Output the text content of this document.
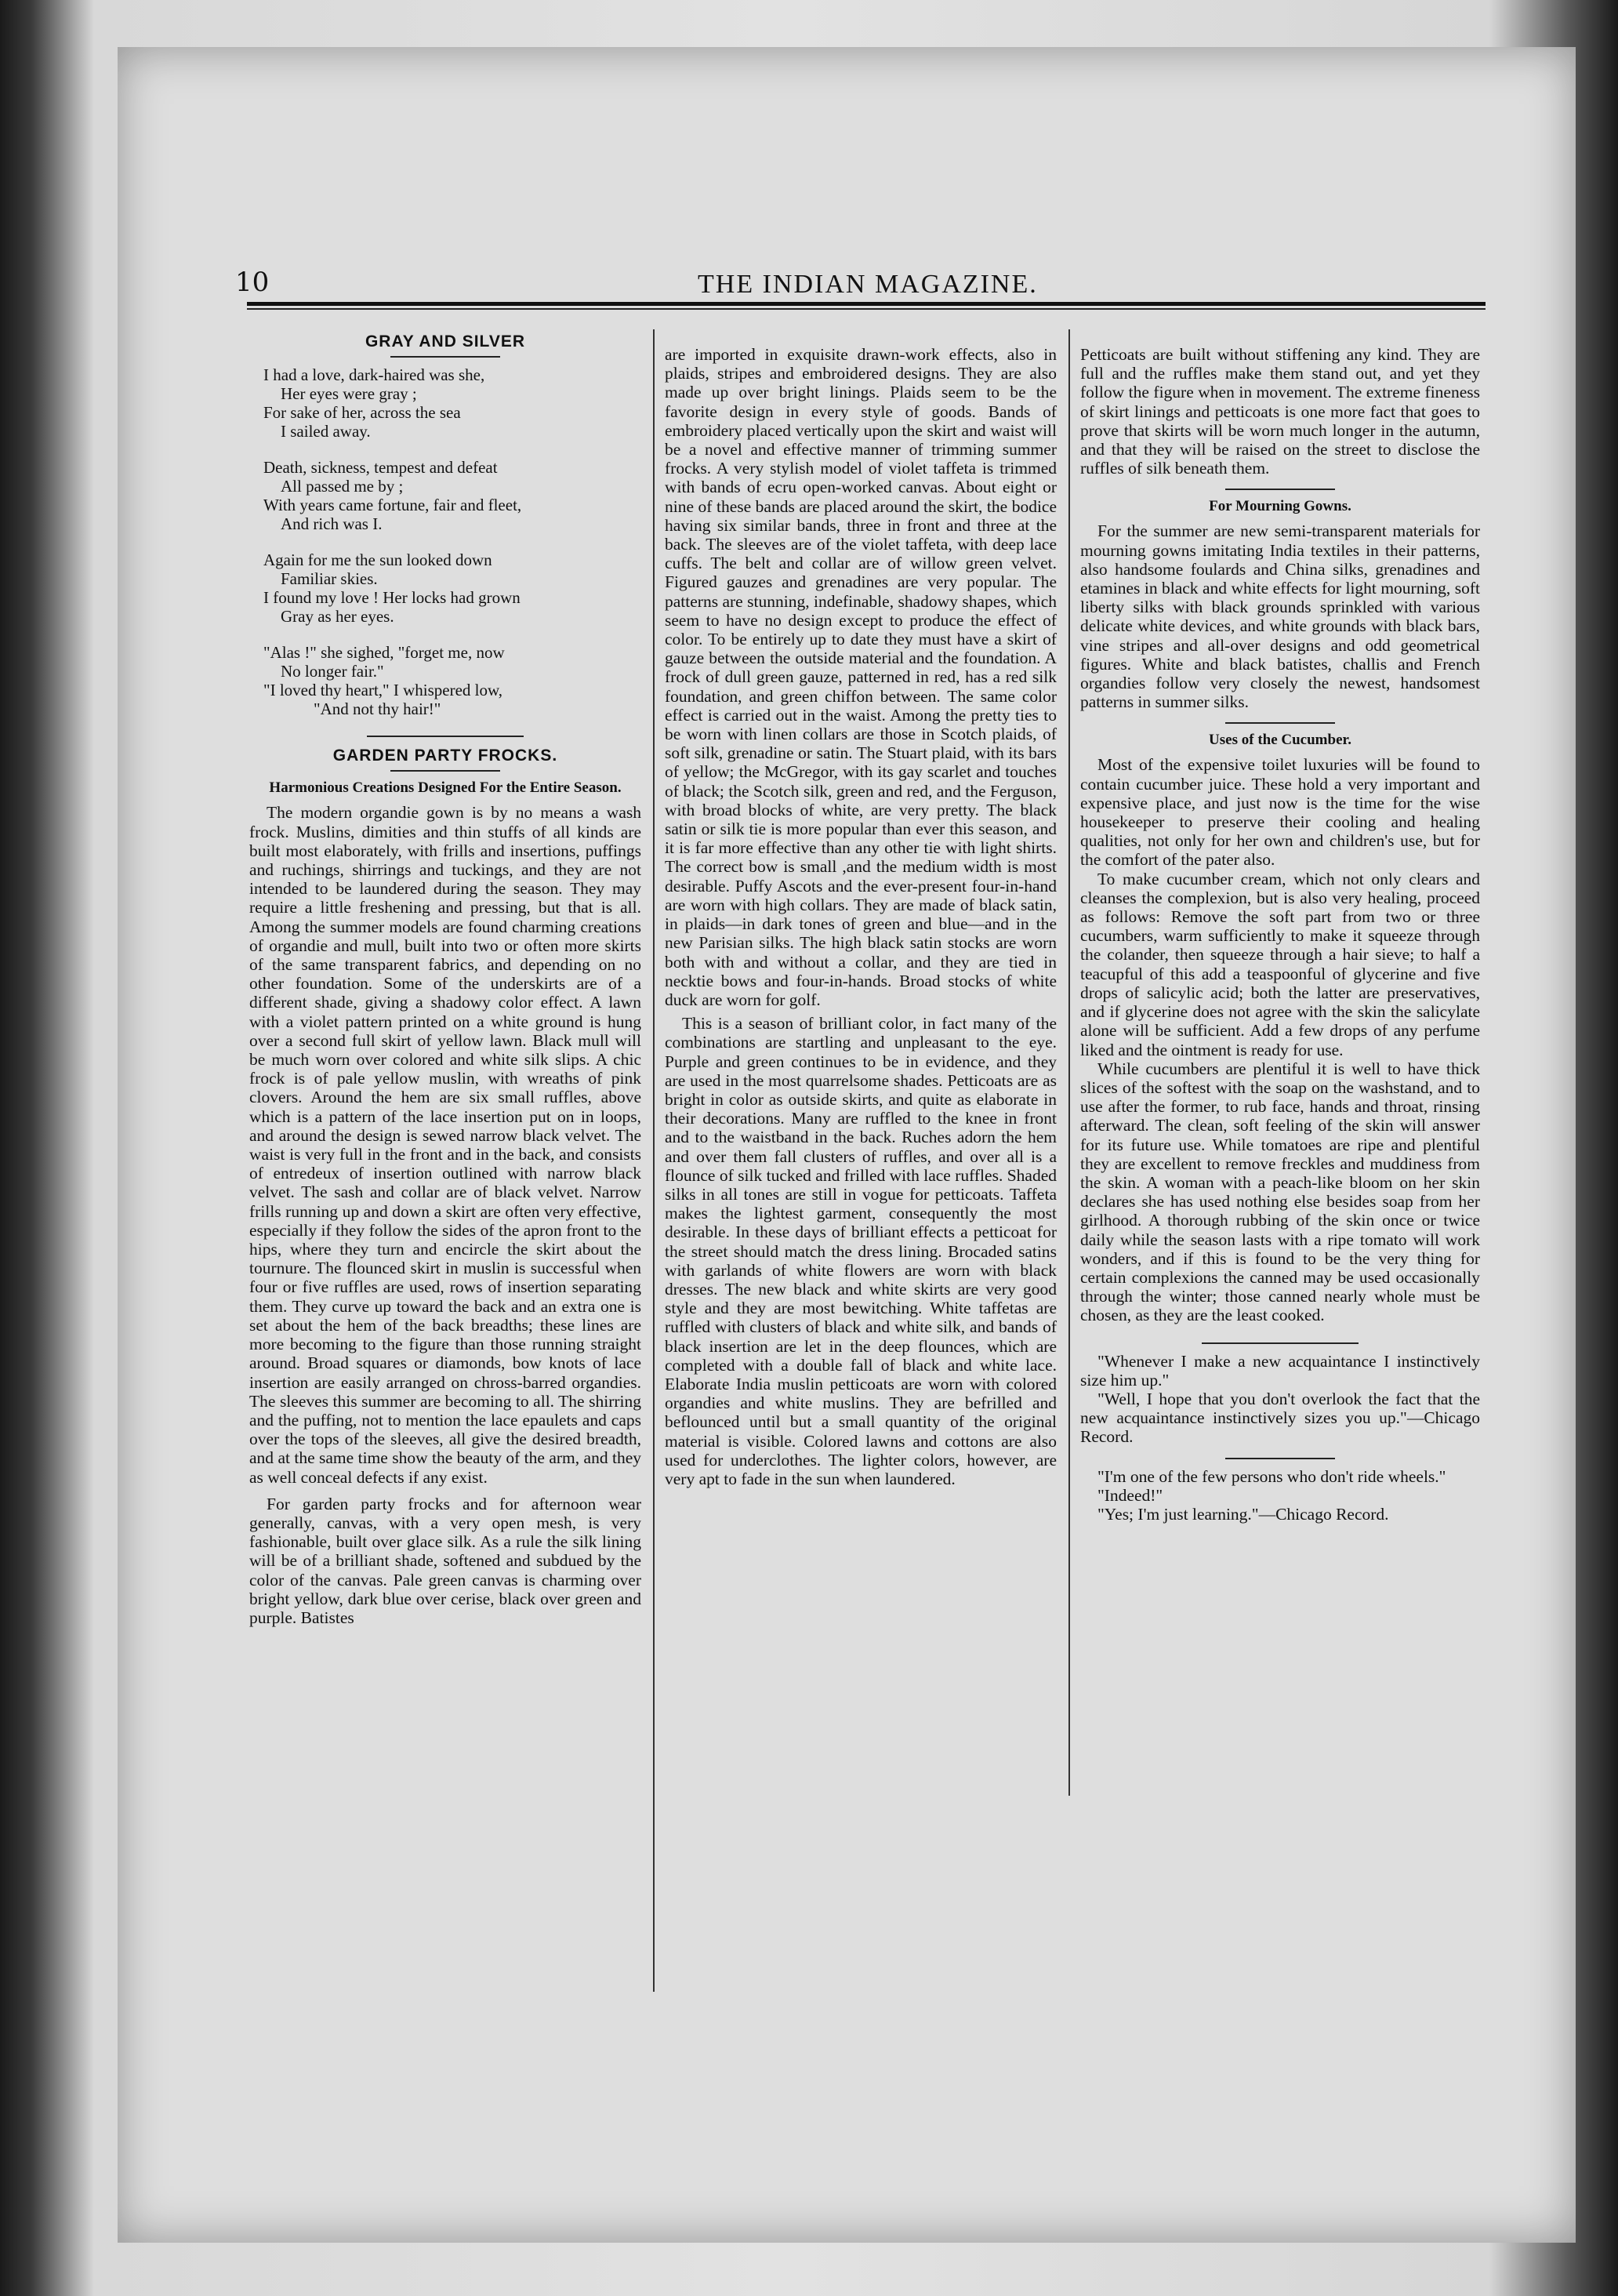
10	THE INDIAN MAGAZINE.
GRAY AND SILVER
I had a love, dark-haired was she,
Her eyes were gray ;
For sake of her, across the sea
I sailed away.
Death, sickness, tempest and defeat
All passed me by ;
With years came fortune, fair and fleet,
And rich was I.
Again for me the sun looked down
Familiar skies.
I found my love ! Her locks had grown
Gray as her eyes.
"Alas !" she sighed, "forget me, now
No longer fair."
"I loved thy heart," I whispered low,
"And not thy hair!"
GARDEN PARTY FROCKS.
Harmonious Creations Designed For the Entire Season.

The modern organdie gown is by no means a wash frock. Muslins, dimities and thin stuffs of all kinds are built most elaborately, with frills and insertions, puffings and ruchings, shirrings and tuckings, and they are not intended to be laundered during the season. They may require a little freshening and pressing, but that is all. Among the summer models are found charming creations of organdie and mull, built into two or often more skirts of the same transparent fabrics, and depending on no other foundation. Some of the underskirts are of a different shade, giving a shadowy color effect. A lawn with a violet pattern printed on a white ground is hung over a second full skirt of yellow lawn. Black mull will be much worn over colored and white silk slips. A chic frock is of pale yellow muslin, with wreaths of pink clovers. Around the hem are six small ruffles, above which is a pattern of the lace insertion put on in loops, and around the design is sewed narrow black velvet. The waist is very full in the front and in the back, and consists of entredeux of insertion outlined with narrow black velvet. The sash and collar are of black velvet. Narrow frills running up and down a skirt are often very effective, especially if they follow the sides of the apron front to the hips, where they turn and encircle the skirt about the tournure. The flounced skirt in muslin is successful when four or five ruffles are used, rows of insertion separating them. They curve up toward the back and an extra one is set about the hem of the back breadths; these lines are more becoming to the figure than those running straight around. Broad squares or diamonds, bow knots of lace insertion are easily arranged on chross-barred organdies. The sleeves this summer are becoming to all. The shirring and the puffing, not to mention the lace epaulets and caps over the tops of the sleeves, all give the desired breadth, and at the same time show the beauty of the arm, and they as well conceal defects if any exist.

For garden party frocks and for afternoon wear generally, canvas, with a very open mesh, is very fashionable, built over glace silk. As a rule the silk lining will be of a brilliant shade, softened and subdued by the color of the canvas. Pale green canvas is charming over bright yellow, dark blue over cerise, black over green and purple. Batistes

are imported in exquisite drawn-work effects, also in plaids, stripes and embroidered designs. They are also made up over bright linings. Plaids seem to be the favorite design in every style of goods. Bands of embroidery placed vertically upon the skirt and waist will be a novel and effective manner of trimming summer frocks. A very stylish model of violet taffeta is trimmed with bands of ecru open-worked canvas. About eight or nine of these bands are placed around the skirt, the bodice having six similar bands, three in front and three at the back. The sleeves are of the violet taffeta, with deep lace cuffs. The belt and collar are of willow green velvet. Figured gauzes and grenadines are very popular. The patterns are stunning, indefinable, shadowy shapes, which seem to have no design except to produce the effect of color. To be entirely up to date they must have a skirt of gauze between the outside material and the foundation. A frock of dull green gauze, patterned in red, has a red silk foundation, and green chiffon between. The same color effect is carried out in the waist. Among the pretty ties to be worn with linen collars are those in Scotch plaids, of soft silk, grenadine or satin. The Stuart plaid, with its bars of yellow; the McGregor, with its gay scarlet and touches of black; the Scotch silk, green and red, and the Ferguson, with broad blocks of white, are very pretty. The black satin or silk tie is more popular than ever this season, and it is far more effective than any other tie with light shirts. The correct bow is small ,and the medium width is most desirable. Puffy Ascots and the ever-present four-in-hand are worn with high collars. They are made of black satin, in plaids—in dark tones of green and blue—and in the new Parisian silks. The high black satin stocks are worn both with and without a collar, and they are tied in necktie bows and four-in-hands. Broad stocks of white duck are worn for golf.

This is a season of brilliant color, in fact many of the combinations are startling and unpleasant to the eye. Purple and green continues to be in evidence, and they are used in the most quarrelsome shades. Petticoats are as bright in color as outside skirts, and quite as elaborate in their decorations. Many are ruffled to the knee in front and to the waistband in the back. Ruches adorn the hem and over them fall clusters of ruffles, and over all is a flounce of silk tucked and frilled with lace ruffles. Shaded silks in all tones are still in vogue for petticoats. Taffeta makes the lightest garment, consequently the most desirable. In these days of brilliant effects a petticoat for the street should match the dress lining. Brocaded satins with garlands of white flowers are worn with black dresses. The new black and white skirts are very good style and they are most bewitching. White taffetas are ruffled with clusters of black and white silk, and bands of black insertion are let in the deep flounces, which are completed with a double fall of black and white lace. Elaborate India muslin petticoats are worn with colored organdies and white muslins. They are befrilled and beflounced until but a small quantity of the original material is visible. Colored lawns and cottons are also used for underclothes. The lighter colors, however, are very apt to fade in the sun when laundered.

Petticoats are built without stiffening any kind. They are full and the ruffles make them stand out, and yet they follow the figure when in movement. The extreme fineness of skirt linings and petticoats is one more fact that goes to prove that skirts will be worn much longer in the autumn, and that they will be raised on the street to disclose the ruffles of silk beneath them.

For Mourning Gowns.

For the summer are new semi-transparent materials for mourning gowns imitating India textiles in their patterns, also handsome foulards and China silks, grenadines and etamines in black and white effects for light mourning, soft liberty silks with black grounds sprinkled with various delicate white devices, and white grounds with black bars, vine stripes and all-over designs and odd geometrical figures. White and black batistes, challis and French organdies follow very closely the newest, handsomest patterns in summer silks.

Uses of the Cucumber.

Most of the expensive toilet luxuries will be found to contain cucumber juice. These hold a very important and expensive place, and just now is the time for the wise housekeeper to preserve their cooling and healing qualities, not only for her own and children's use, but for the comfort of the pater also.

To make cucumber cream, which not only clears and cleanses the complexion, but is also very healing, proceed as follows: Remove the soft part from two or three cucumbers, warm sufficiently to make it squeeze through the colander, then squeeze through a hair sieve; to half a teacupful of this add a teaspoonful of glycerine and five drops of salicylic acid; both the latter are preservatives, and if glycerine does not agree with the skin the salicylate alone will be sufficient. Add a few drops of any perfume liked and the ointment is ready for use.

While cucumbers are plentiful it is well to have thick slices of the softest with the soap on the washstand, and to use after the former, to rub face, hands and throat, rinsing afterward. The clean, soft feeling of the skin will answer for its future use. While tomatoes are ripe and plentiful they are excellent to remove freckles and muddiness from the skin. A woman with a peach-like bloom on her skin declares she has used nothing else besides soap from her girlhood. A thorough rubbing of the skin once or twice daily while the season lasts with a ripe tomato will work wonders, and if this is found to be the very thing for certain complexions the canned may be used occasionally through the winter; those canned nearly whole must be chosen, as they are the least cooked.

"Whenever I make a new acquaintance I instinctively size him up."

"Well, I hope that you don't overlook the fact that the new acquaintance instinctively sizes you up."—Chicago Record.

"I'm one of the few persons who don't ride wheels."

"Indeed!"

"Yes; I'm just learning."—Chicago Record.
